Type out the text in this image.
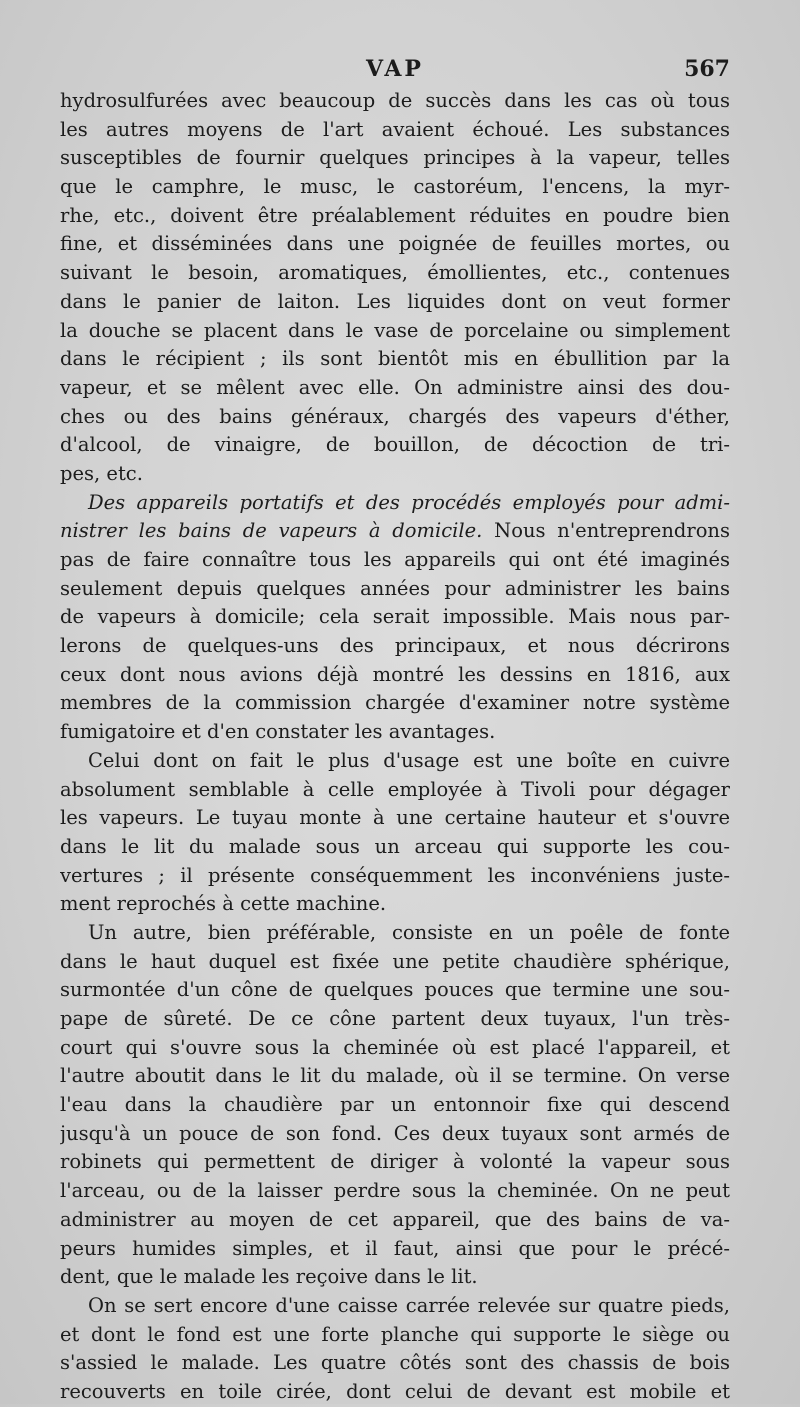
VAP	567
hydrosulfurées avec beaucoup de succès dans les cas où tous
les autres moyens de l'art avaient échoué. Les substances
susceptibles de fournir quelques principes à la vapeur, telles
que le camphre, le musc, le castoréum, l'encens, la myr-
rhe, etc., doivent être préalablement réduites en poudre bien
fine, et disséminées dans une poignée de feuilles mortes, ou
suivant le besoin, aromatiques, émollientes, etc., contenues
dans le panier de laiton. Les liquides dont on veut former
la douche se placent dans le vase de porcelaine ou simplement
dans le récipient ; ils sont bientôt mis en ébullition par la
vapeur, et se mêlent avec elle. On administre ainsi des dou-
ches ou des bains généraux, chargés des vapeurs d'éther,
d'alcool, de vinaigre, de bouillon, de décoction de tri-
pes, etc.
Des appareils portatifs et des procédés employés pour admi-
nistrer les bains de vapeurs à domicile. Nous n'entreprendrons
pas de faire connaître tous les appareils qui ont été imaginés
seulement depuis quelques années pour administrer les bains
de vapeurs à domicile; cela serait impossible. Mais nous par-
lerons de quelques-uns des principaux, et nous décrirons
ceux dont nous avions déjà montré les dessins en 1816, aux
membres de la commission chargée d'examiner notre système
fumigatoire et d'en constater les avantages.
Celui dont on fait le plus d'usage est une boîte en cuivre
absolument semblable à celle employée à Tivoli pour dégager
les vapeurs. Le tuyau monte à une certaine hauteur et s'ouvre
dans le lit du malade sous un arceau qui supporte les cou-
vertures ; il présente conséquemment les inconvéniens juste-
ment reprochés à cette machine.
Un autre, bien préférable, consiste en un poêle de fonte
dans le haut duquel est fixée une petite chaudière sphérique,
surmontée d'un cône de quelques pouces que termine une sou-
pape de sûreté. De ce cône partent deux tuyaux, l'un très-
court qui s'ouvre sous la cheminée où est placé l'appareil, et
l'autre aboutit dans le lit du malade, où il se termine. On verse
l'eau dans la chaudière par un entonnoir fixe qui descend
jusqu'à un pouce de son fond. Ces deux tuyaux sont armés de
robinets qui permettent de diriger à volonté la vapeur sous
l'arceau, ou de la laisser perdre sous la cheminée. On ne peut
administrer au moyen de cet appareil, que des bains de va-
peurs humides simples, et il faut, ainsi que pour le précé-
dent, que le malade les reçoive dans le lit.
On se sert encore d'une caisse carrée relevée sur quatre pieds,
et dont le fond est une forte planche qui supporte le siège ou
s'assied le malade. Les quatre côtés sont des chassis de bois
recouverts en toile cirée, dont celui de devant est mobile et
